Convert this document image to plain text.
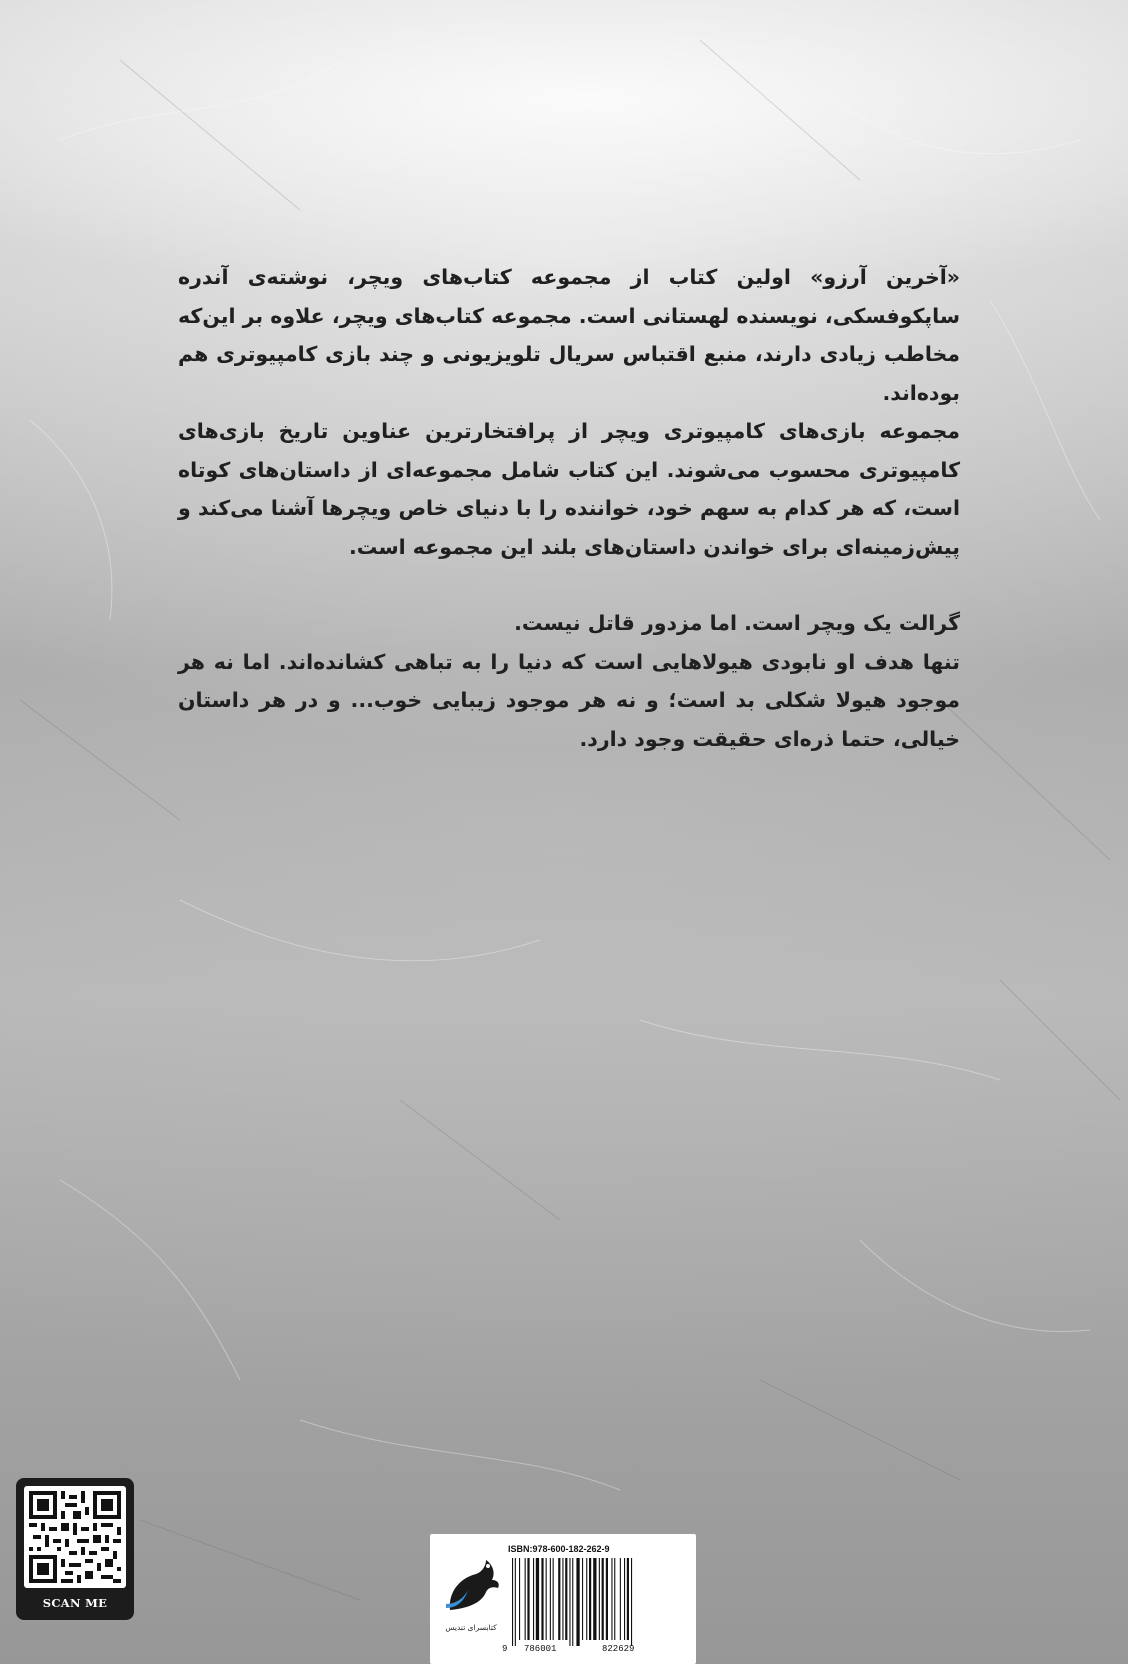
«آخرین آرزو» اولین کتاب از مجموعه کتاب‌های ویچر، نوشته‌ی آندره ساپکوفسکی، نویسنده لهستانی است. مجموعه کتاب‌های ویچر، علاوه بر این‌که مخاطب زیادی دارند، منبع اقتباس سریال تلویزیونی و چند بازی کامپیوتری هم بوده‌اند.

مجموعه بازی‌های کامپیوتری ویچر از پرافتخارترین عناوین تاریخ بازی‌های کامپیوتری محسوب می‌شوند. این کتاب شامل مجموعه‌ای از داستان‌های کوتاه است، که هر کدام به سهم خود، خواننده را با دنیای خاص ویچرها آشنا می‌کند و پیش‌زمینه‌ای برای خواندن داستان‌های بلند این مجموعه است.

گرالت یک ویچر است. اما مزدور قاتل نیست.

تنها هدف او نابودی هیولاهایی است که دنیا را به تباهی کشانده‌اند. اما نه هر موجود هیولا شکلی بد است؛ و نه هر موجود زیبایی خوب... و در هر داستان خیالی، حتما ذره‌ای حقیقت وجود دارد.

SCAN ME
کتابسرای تندیس
ISBN:978-600-182-262-9
9 786001	822629
